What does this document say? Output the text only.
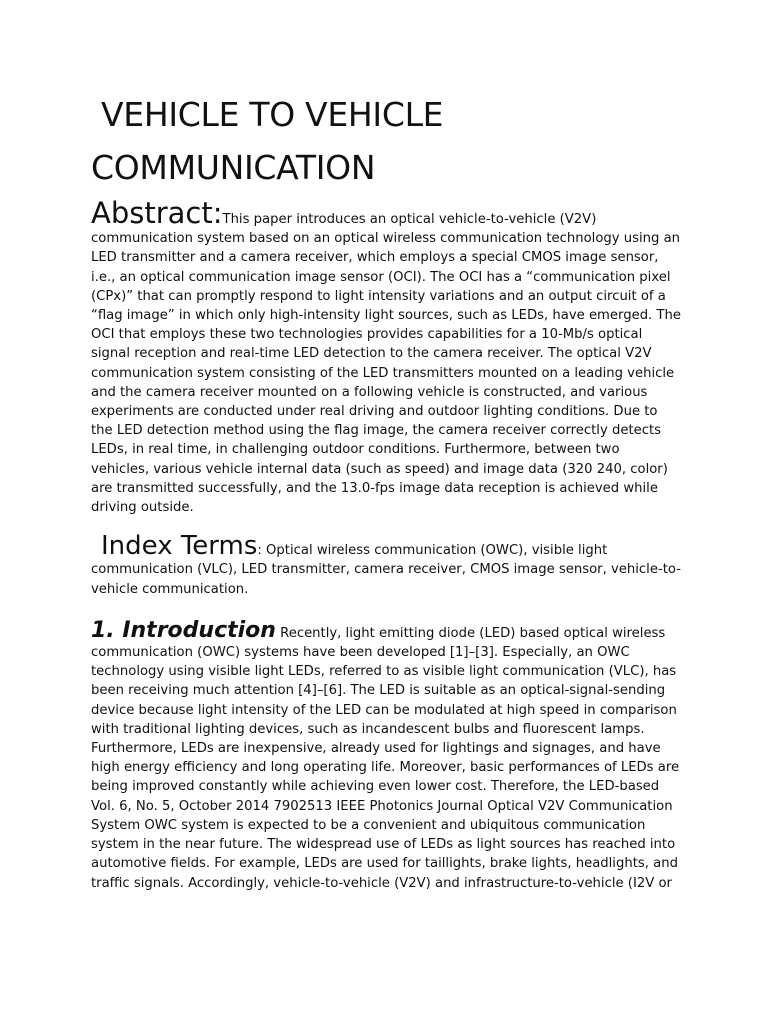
VEHICLE TO VEHICLE
COMMUNICATION

Abstract:This paper introduces an optical vehicle-to-vehicle (V2V) communication system based on an optical wireless communication technology using an LED transmitter and a camera receiver, which employs a special CMOS image sensor, i.e., an optical communication image sensor (OCI). The OCI has a “communication pixel (CPx)” that can promptly respond to light intensity variations and an output circuit of a “flag image” in which only high-intensity light sources, such as LEDs, have emerged. The OCI that employs these two technologies provides capabilities for a 10-Mb/s optical signal reception and real-time LED detection to the camera receiver. The optical V2V communication system consisting of the LED transmitters mounted on a leading vehicle and the camera receiver mounted on a following vehicle is constructed, and various experiments are conducted under real driving and outdoor lighting conditions. Due to the LED detection method using the flag image, the camera receiver correctly detects LEDs, in real time, in challenging outdoor conditions. Furthermore, between two vehicles, various vehicle internal data (such as speed) and image data (320 240, color) are transmitted successfully, and the 13.0-fps image data reception is achieved while driving outside.

Index Terms: Optical wireless communication (OWC), visible light communication (VLC), LED transmitter, camera receiver, CMOS image sensor, vehicle-to-vehicle communication.

1. Introduction Recently, light emitting diode (LED) based optical wireless communication (OWC) systems have been developed [1]–[3]. Especially, an OWC technology using visible light LEDs, referred to as visible light communication (VLC), has been receiving much attention [4]–[6]. The LED is suitable as an optical-signal-sending device because light intensity of the LED can be modulated at high speed in comparison with traditional lighting devices, such as incandescent bulbs and fluorescent lamps. Furthermore, LEDs are inexpensive, already used for lightings and signages, and have high energy efficiency and long operating life. Moreover, basic performances of LEDs are being improved constantly while achieving even lower cost. Therefore, the LED-based Vol. 6, No. 5, October 2014 7902513 IEEE Photonics Journal Optical V2V Communication System OWC system is expected to be a convenient and ubiquitous communication system in the near future. The widespread use of LEDs as light sources has reached into automotive fields. For example, LEDs are used for taillights, brake lights, headlights, and traffic signals. Accordingly, vehicle-to-vehicle (V2V) and infrastructure-to-vehicle (I2V or
